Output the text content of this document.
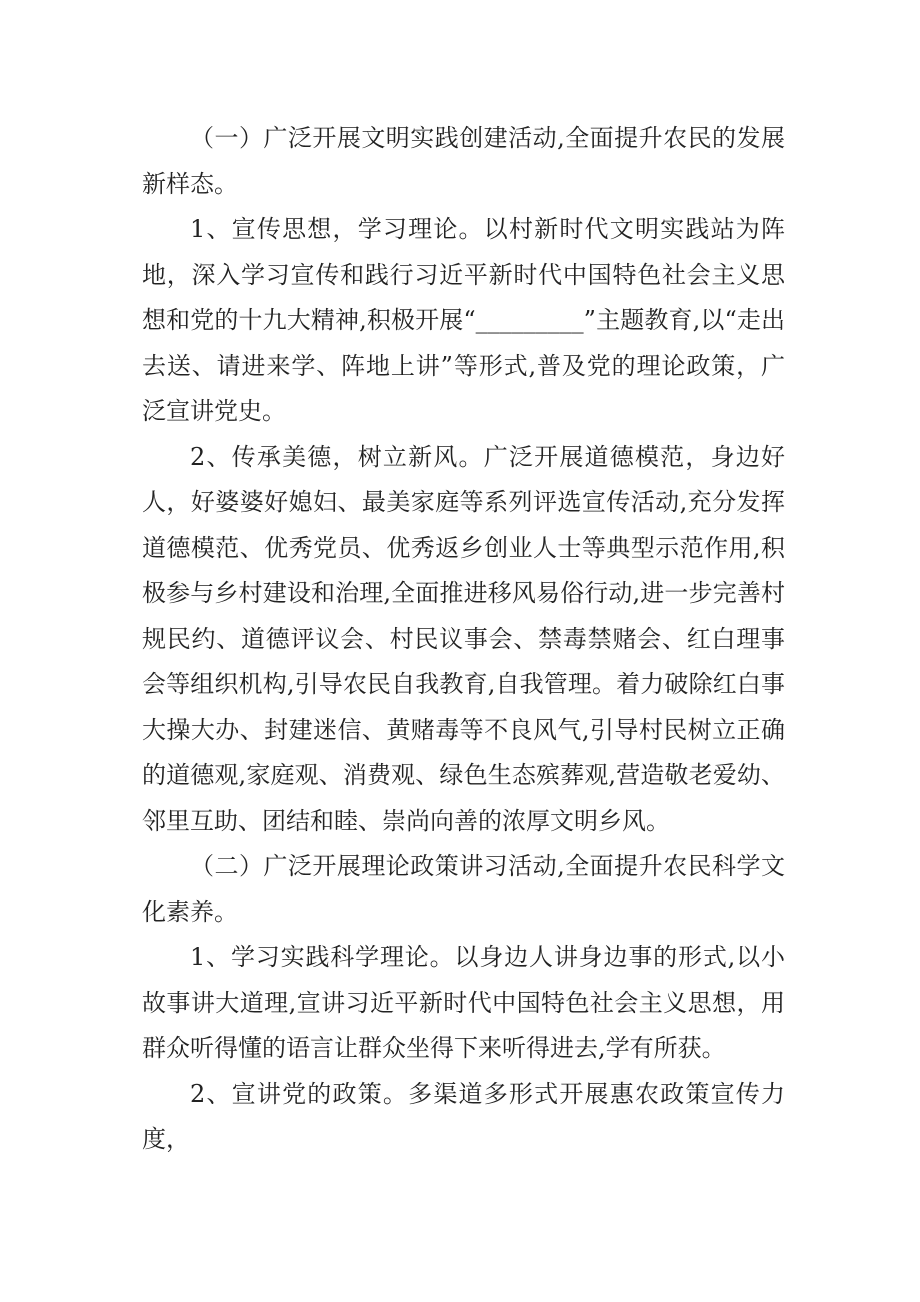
（一）广泛开展文明实践创建活动,全面提升农民的发展新样态。

1、宣传思想，学习理论。以村新时代文明实践站为阵地，深入学习宣传和践行习近平新时代中国特色社会主义思想和党的十九大精神,积极开展“_________”主题教育,以“走出去送、请进来学、阵地上讲”等形式,普及党的理论政策，广泛宣讲党史。

2、传承美德，树立新风。广泛开展道德模范，身边好人，好婆婆好媳妇、最美家庭等系列评选宣传活动,充分发挥道德模范、优秀党员、优秀返乡创业人士等典型示范作用,积极参与乡村建设和治理,全面推进移风易俗行动,进一步完善村规民约、道德评议会、村民议事会、禁毒禁赌会、红白理事会等组织机构,引导农民自我教育,自我管理。着力破除红白事大操大办、封建迷信、黄赌毒等不良风气,引导村民树立正确的道德观,家庭观、消费观、绿色生态殡葬观,营造敬老爱幼、邻里互助、团结和睦、崇尚向善的浓厚文明乡风。

（二）广泛开展理论政策讲习活动,全面提升农民科学文化素养。

1、学习实践科学理论。以身边人讲身边事的形式,以小故事讲大道理,宣讲习近平新时代中国特色社会主义思想，用群众听得懂的语言让群众坐得下来听得进去,学有所获。

2、宣讲党的政策。多渠道多形式开展惠农政策宣传力度，
